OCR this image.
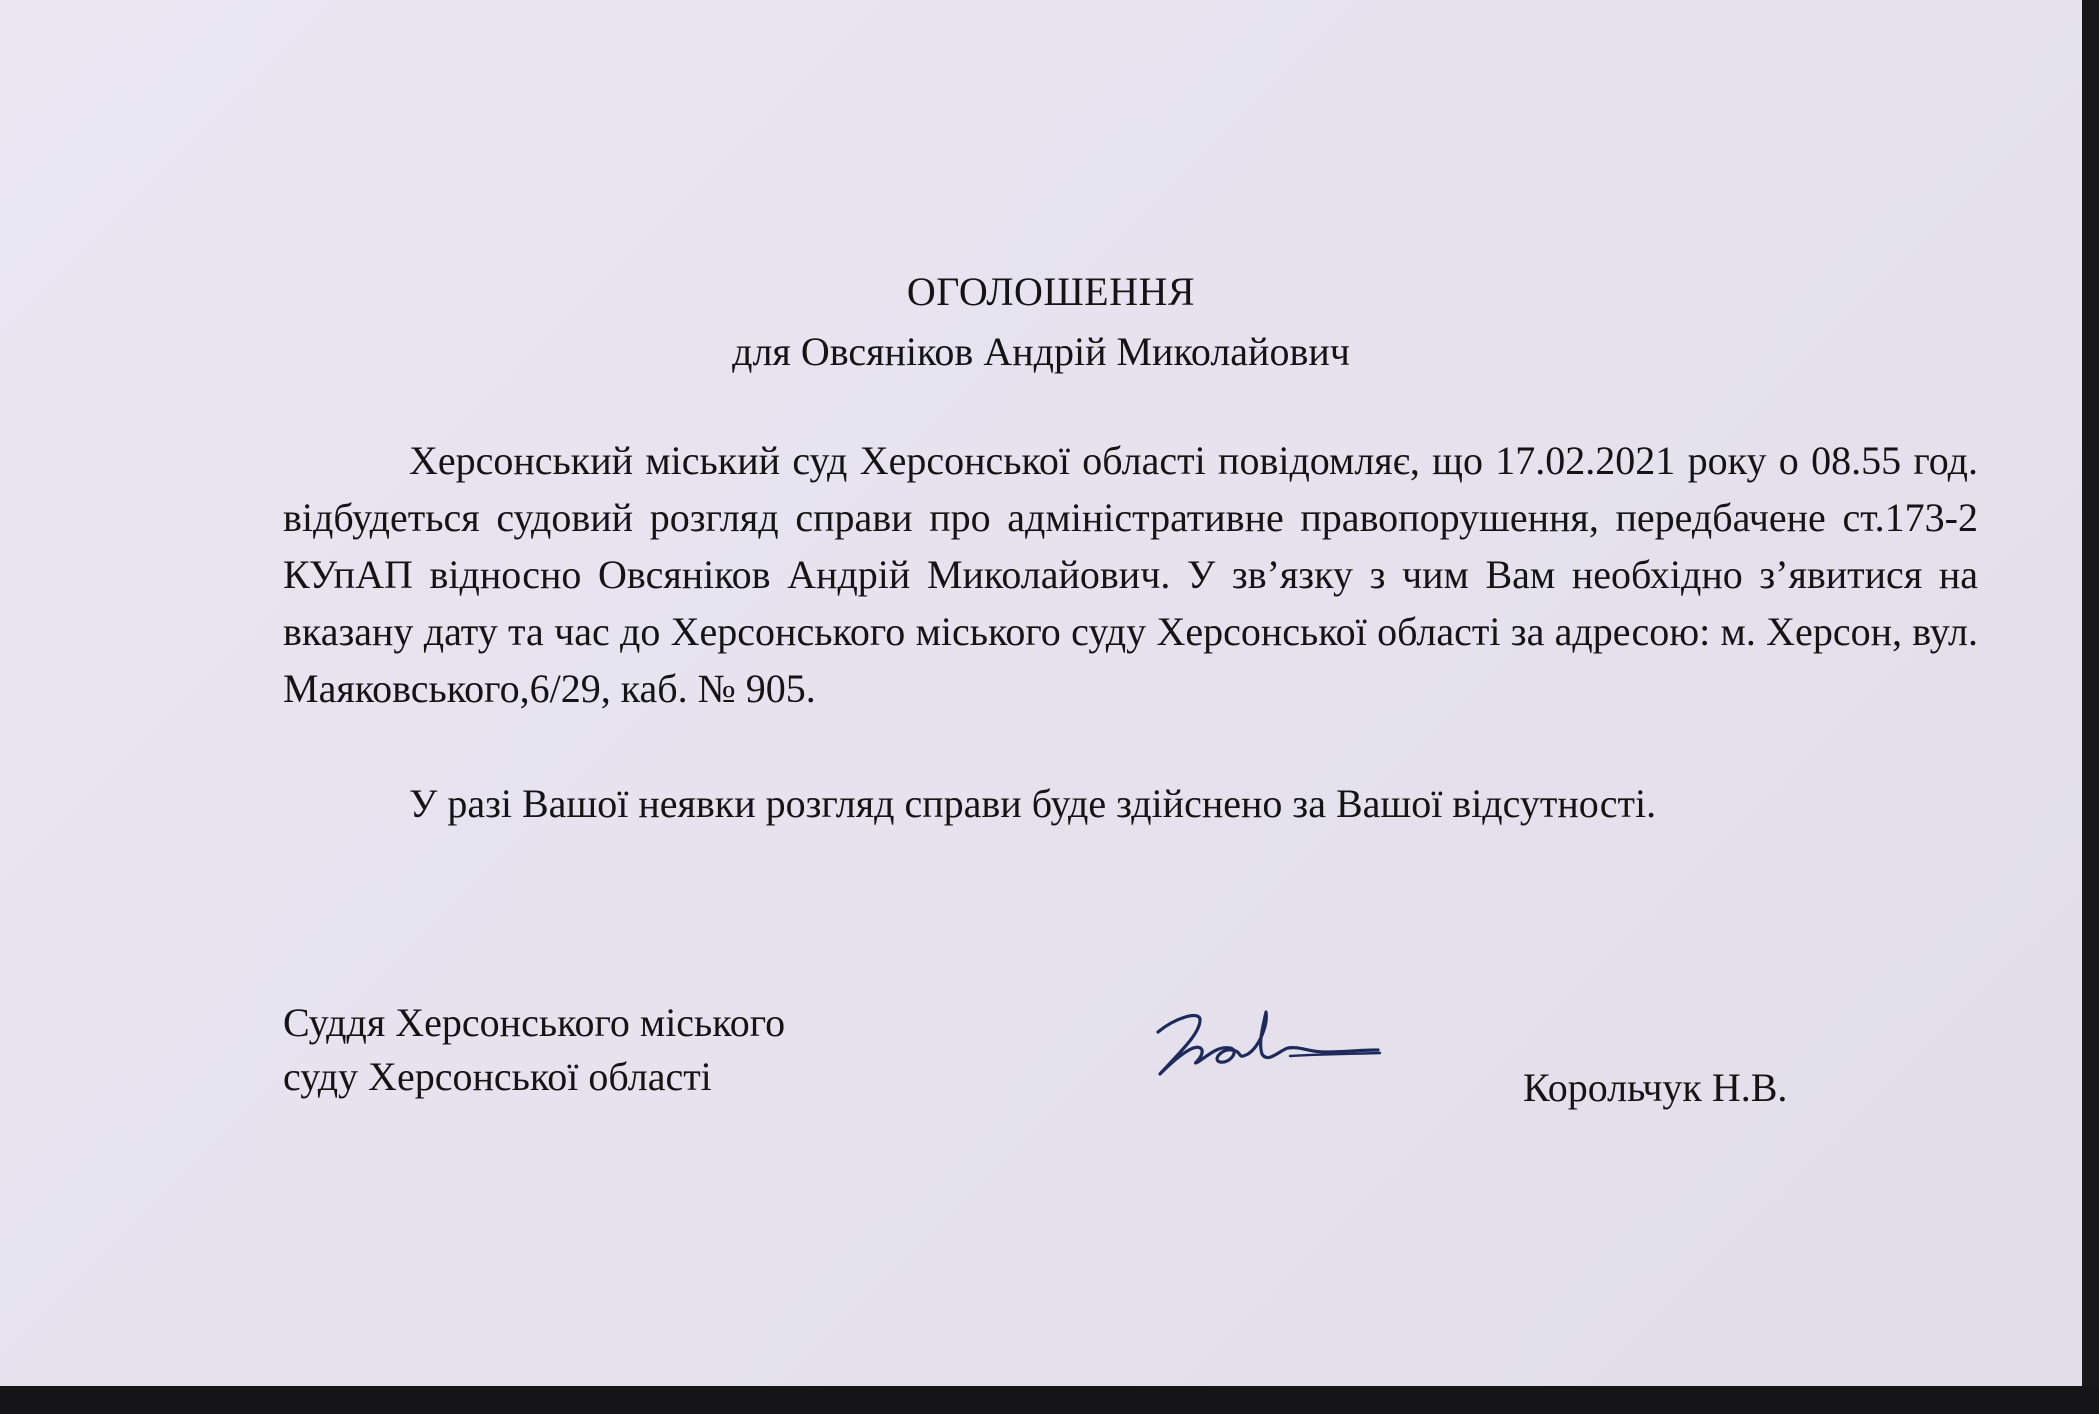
ОГОЛОШЕННЯ
для Овсяніков Андрій Миколайович

Херсонський міський суд Херсонської області повідомляє, що 17.02.2021 року о 08.55 год. відбудеться судовий розгляд справи про адміністративне правопорушення, передбачене ст.173-2 КУпАП відносно Овсяніков Андрій Миколайович. У зв’язку з чим Вам необхідно з’явитися на вказану дату та час до Херсонського міського суду Херсонської області за адресою: м. Херсон, вул. Маяковського,6/29, каб. № 905.

У разі Вашої неявки розгляд справи буде здійснено за Вашої відсутності.

Суддя Херсонського міського
суду Херсонської області	Корольчук Н.В.
